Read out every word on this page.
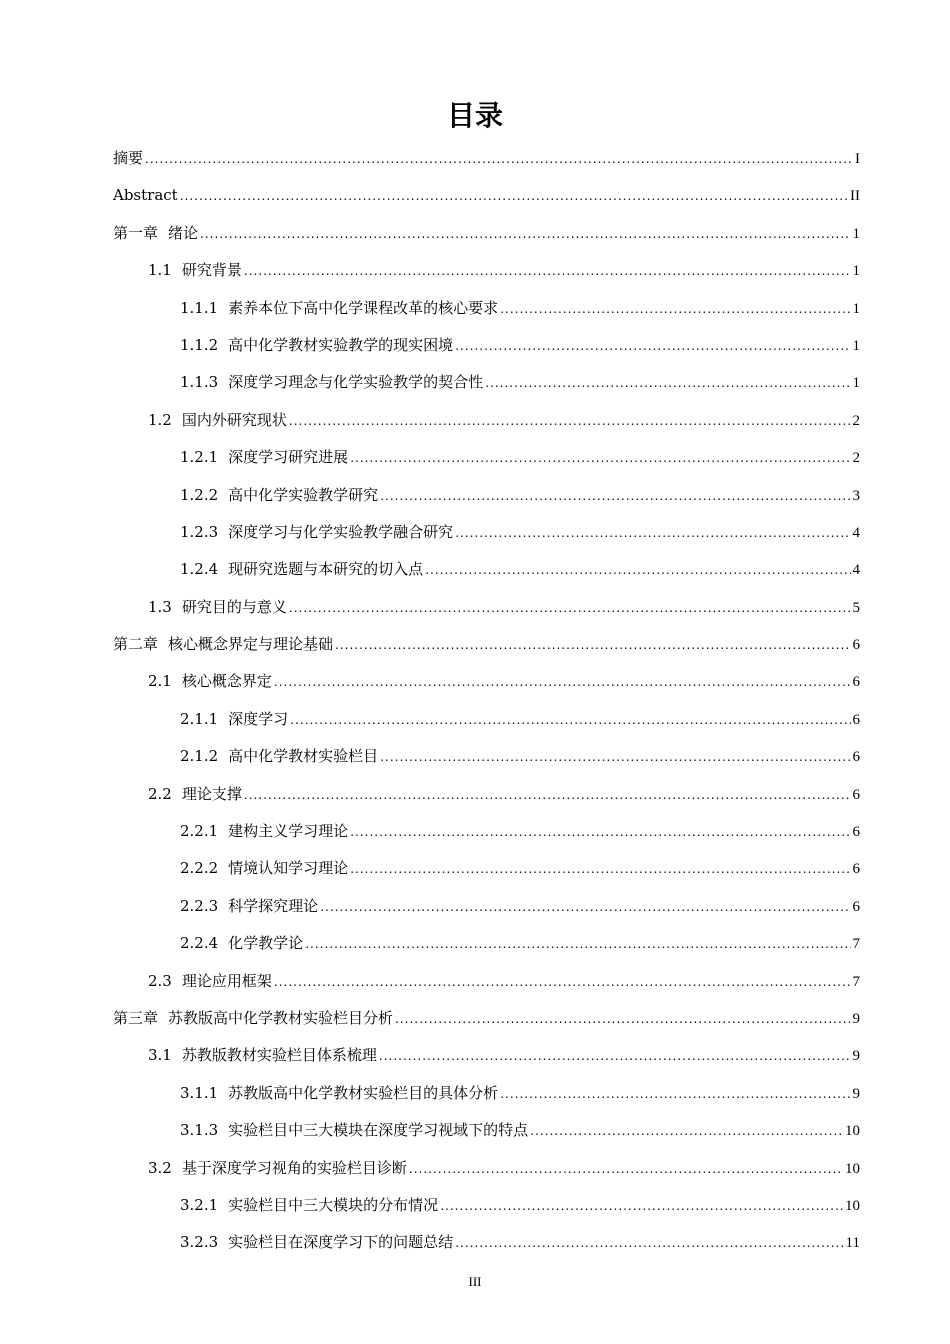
目录
摘要 .....	I
Abstract .....	II
第一章 绪论 .....	1
1.1 研究背景 .....	1
1.1.1 素养本位下高中化学课程改革的核心要求 .....	1
1.1.2 高中化学教材实验教学的现实困境 .....	1
1.1.3 深度学习理念与化学实验教学的契合性 .....	1
1.2 国内外研究现状 .....	2
1.2.1 深度学习研究进展 .....	2
1.2.2 高中化学实验教学研究 .....	3
1.2.3 深度学习与化学实验教学融合研究 .....	4
1.2.4 现研究选题与本研究的切入点 .....	4
1.3 研究目的与意义 .....	5
第二章 核心概念界定与理论基础 .....	6
2.1 核心概念界定 .....	6
2.1.1 深度学习 .....	6
2.1.2 高中化学教材实验栏目 .....	6
2.2 理论支撑 .....	6
2.2.1 建构主义学习理论 .....	6
2.2.2 情境认知学习理论 .....	6
2.2.3 科学探究理论 .....	6
2.2.4 化学教学论 .....	7
2.3 理论应用框架 .....	7
第三章 苏教版高中化学教材实验栏目分析 .....	9
3.1 苏教版教材实验栏目体系梳理 .....	9
3.1.1 苏教版高中化学教材实验栏目的具体分析 .....	9
3.1.3 实验栏目中三大模块在深度学习视域下的特点 .....	10
3.2 基于深度学习视角的实验栏目诊断 .....	10
3.2.1 实验栏目中三大模块的分布情况 .....	10
3.2.3 实验栏目在深度学习下的问题总结 .....	11
III
